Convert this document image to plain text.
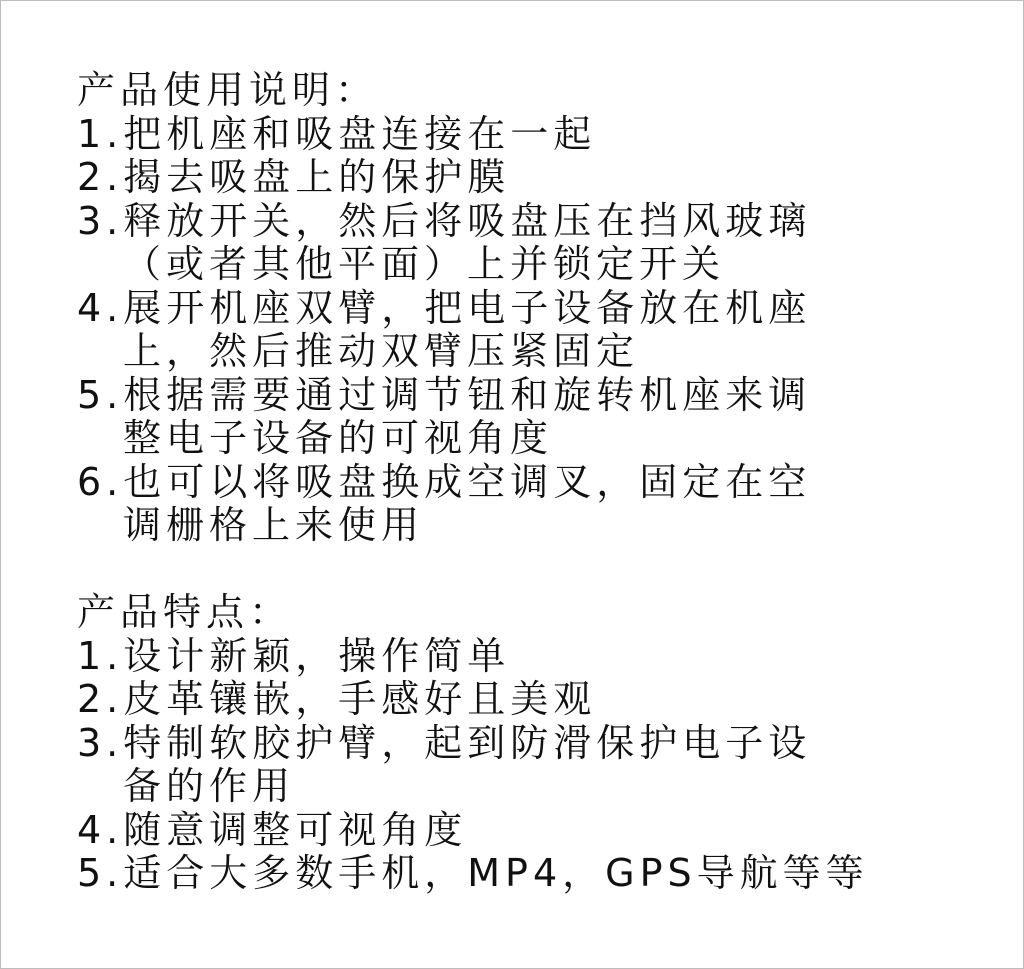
产品使用说明：
1.把机座和吸盘连接在一起
2.揭去吸盘上的保护膜
3.释放开关，然后将吸盘压在挡风玻璃
（或者其他平面）上并锁定开关
4.展开机座双臂，把电子设备放在机座
上，然后推动双臂压紧固定
5.根据需要通过调节钮和旋转机座来调
整电子设备的可视角度
6.也可以将吸盘换成空调叉，固定在空
调栅格上来使用
产品特点：
1.设计新颖，操作简单
2.皮革镶嵌，手感好且美观
3.特制软胶护臂，起到防滑保护电子设
备的作用
4.随意调整可视角度
5.适合大多数手机，MP4，GPS导航等等
